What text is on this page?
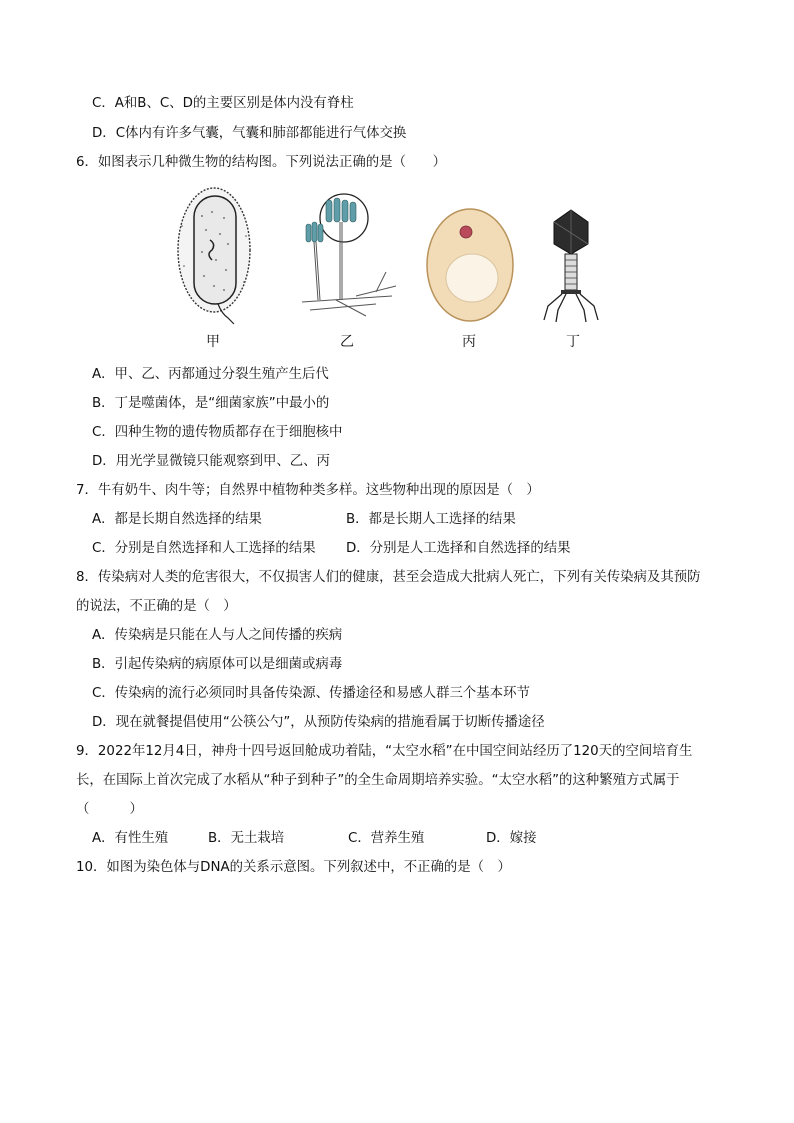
C．A和B、C、D的主要区别是体内没有脊柱
D．C体内有许多气囊，气囊和肺部都能进行气体交换
6．如图表示几种微生物的结构图。下列说法正确的是（　　）
甲	乙	丙	丁
A．甲、乙、丙都通过分裂生殖产生后代
B．丁是噬菌体，是“细菌家族”中最小的
C．四种生物的遗传物质都存在于细胞核中
D．用光学显微镜只能观察到甲、乙、丙
7．牛有奶牛、肉牛等；自然界中植物种类多样。这些物种出现的原因是（　）
A．都是长期自然选择的结果	B．都是长期人工选择的结果
C．分别是自然选择和人工选择的结果 D．分别是人工选择和自然选择的结果
8．传染病对人类的危害很大，不仅损害人们的健康，甚至会造成大批病人死亡，下列有关传染病及其预防
的说法，不正确的是（　）
A．传染病是只能在人与人之间传播的疾病
B．引起传染病的病原体可以是细菌或病毒
C．传染病的流行必须同时具备传染源、传播途径和易感人群三个基本环节
D．现在就餐提倡使用“公筷公勺”，从预防传染病的措施看属于切断传播途径
9．2022年12月4日，神舟十四号返回舱成功着陆，“太空水稻”在中国空间站经历了120天的空间培育生
长，在国际上首次完成了水稻从“种子到种子”的全生命周期培养实验。“太空水稻”的这种繁殖方式属于
（　　　）
A．有性生殖	B．无土栽培	C．营养生殖	D．嫁接
10．如图为染色体与DNA的关系示意图。下列叙述中，不正确的是（　）
